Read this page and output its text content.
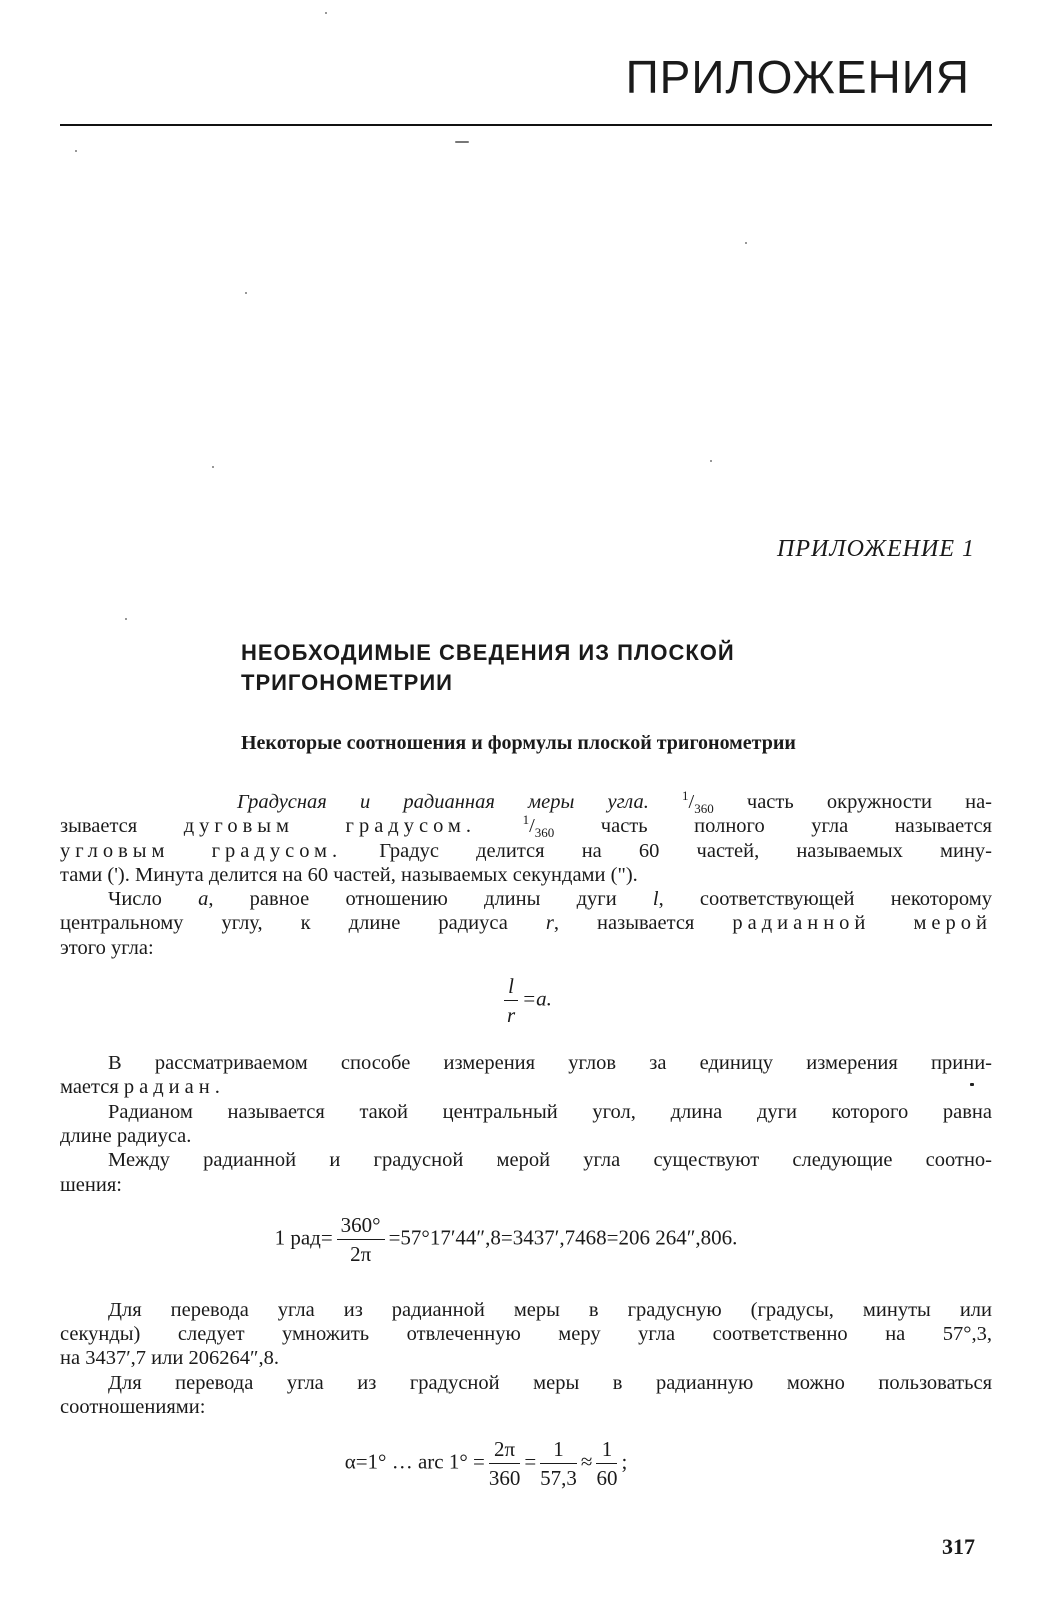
ПРИЛОЖЕНИЯ
ПРИЛОЖЕНИЕ 1
НЕОБХОДИМЫЕ СВЕДЕНИЯ ИЗ ПЛОСКОЙ
ТРИГОНОМЕТРИИ
Некоторые соотношения и формулы плоской тригонометрии

Градусная и радианная меры угла.	$^1/_{360}$ часть окружности на-
зывается дуговым градусом.	$^1/_{360}$ часть полного угла называется
угловым градусом. Градус делится на 60 частей, называемых мину-
тами ('). Минута делится на 60 частей, называемых секундами (").

Число a, равное отношению длины дуги l, соответствующей некоторому
центральному углу, к длине радиуса r, называется радианной мерой
этого угла:

$\frac{l}{r} =a$.

В рассматриваемом способе измерения углов за единицу измерения прини-
мается радиан.

Радианом называется такой центральный угол, длина дуги которого равна
длине радиуса.

Между радианной и градусной мерой угла существуют следующие соотно-
шения:

1 $рад= \frac{360^\circ}{2\pi} =57^\circ 17'44'',8=3437',7468=206$ 264″,806.

Для перевода угла из радианной меры в градусную (градусы, минуты или
секунды) следует умножить отвлеченную меру угла соответственно на 57°,3,
на 3437′,7 или 206264″,8.

Для перевода угла из градусной меры в радианную можно пользоваться
соотношениями:

α=1° … arc $1^\circ = \frac{2\pi}{360} = \frac{1}{57,3} \approx \frac{1}{60}$ ;
317
